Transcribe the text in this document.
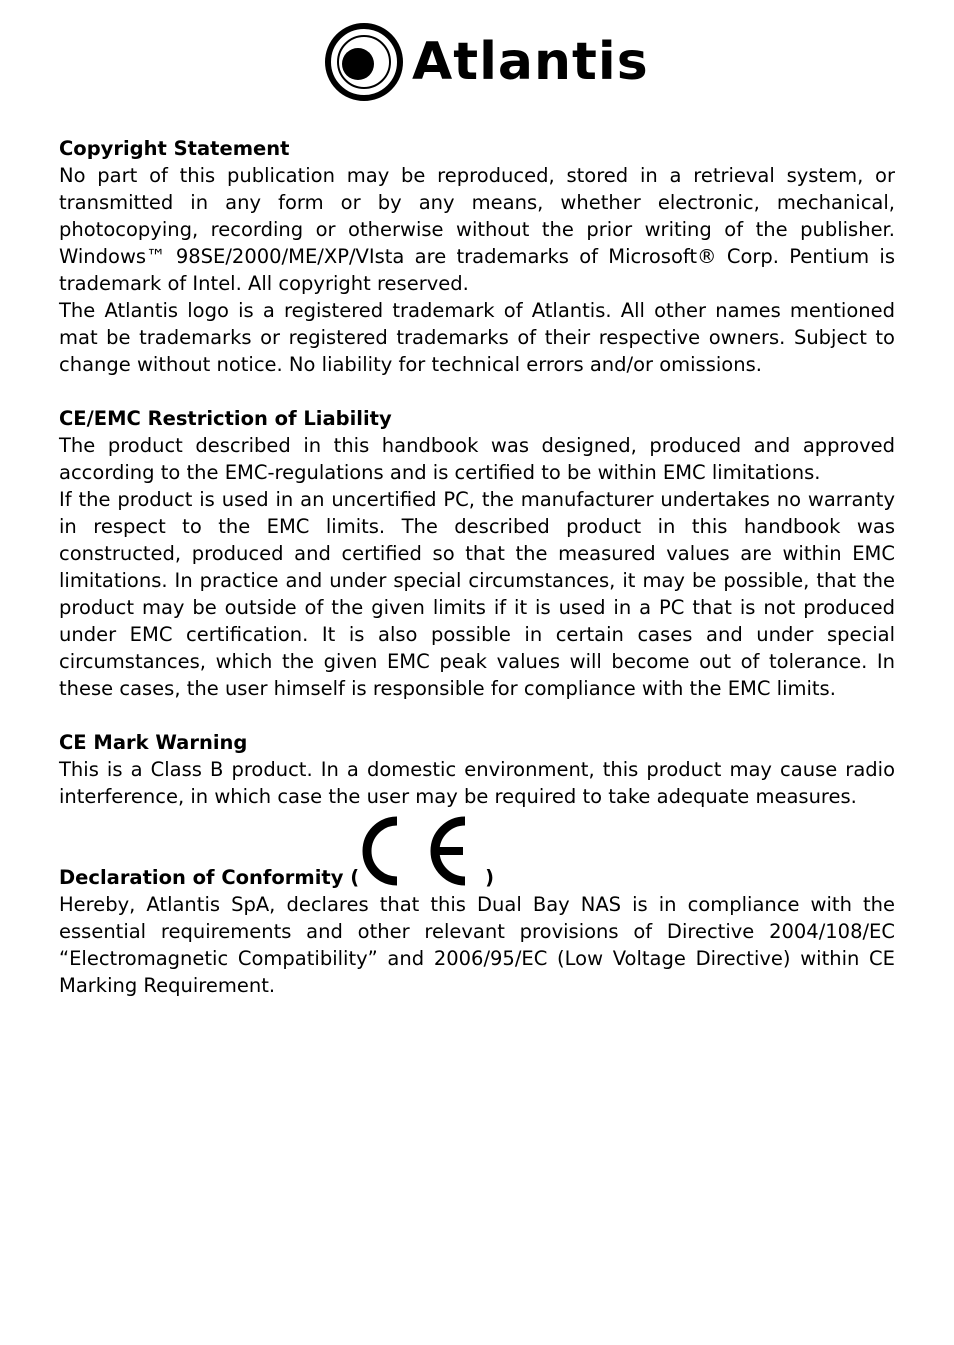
Atlantis
Copyright Statement

No part of this publication may be reproduced, stored in a retrieval system, or transmitted in any form or by any means, whether electronic, mechanical, photocopying, recording or otherwise without the prior writing of the publisher. Windows™ 98SE/2000/ME/XP/VIsta are trademarks of Microsoft® Corp. Pentium is trademark of Intel. All copyright reserved.

The Atlantis logo is a registered trademark of Atlantis. All other names mentioned mat be trademarks or registered trademarks of their respective owners. Subject to change without notice. No liability for technical errors and/or omissions.

CE/EMC Restriction of Liability

The product described in this handbook was designed, produced and approved according to the EMC-regulations and is certified to be within EMC limitations.

If the product is used in an uncertified PC, the manufacturer undertakes no warranty in respect to the EMC limits. The described product in this handbook was constructed, produced and certified so that the measured values are within EMC limitations. In practice and under special circumstances, it may be possible, that the product may be outside of the given limits if it is used in a PC that is not produced under EMC certification. It is also possible in certain cases and under special circumstances, which the given EMC peak values will become out of tolerance. In these cases, the user himself is responsible for compliance with the EMC limits.

CE Mark Warning

This is a Class B product. In a domestic environment, this product may cause radio interference, in which case the user may be required to take adequate measures.

Declaration of Conformity (	)

Hereby, Atlantis SpA, declares that this Dual Bay NAS is in compliance with the essential requirements and other relevant provisions of Directive 2004/108/EC “Electromagnetic Compatibility” and 2006/95/EC (Low Voltage Directive) within CE Marking Requirement.
